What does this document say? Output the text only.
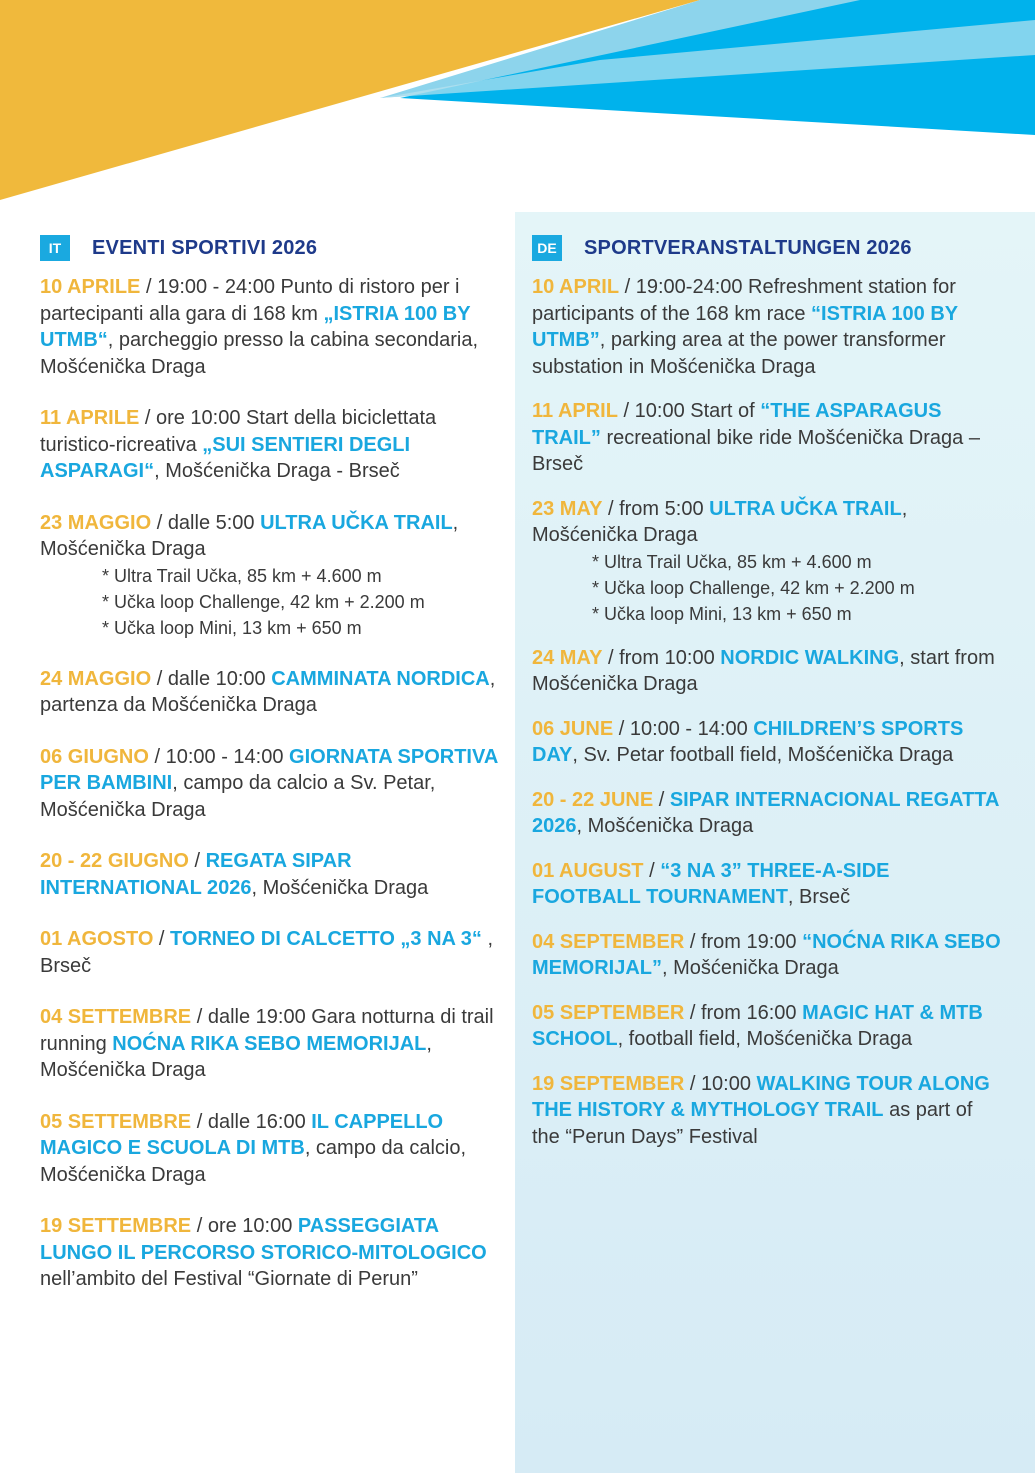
IT	EVENTI SPORTIVI 2026

10 APRILE / 19:00 - 24:00 Punto di ristoro per i partecipanti alla gara di 168 km „ISTRIA 100 BY UTMB“, parcheggio presso la cabina secondaria, Mošćenička Draga

11 APRILE / ore 10:00 Start della biciclettata turistico-ricreativa „SUI SENTIERI DEGLI ASPARAGI“, Mošćenička Draga - Brseč

23 MAGGIO / dalle 5:00 ULTRA UČKA TRAIL, Mošćenička Draga
* Ultra Trail Učka, 85 km + 4.600 m
* Učka loop Challenge, 42 km + 2.200 m
* Učka loop Mini, 13 km + 650 m

24 MAGGIO / dalle 10:00 CAMMINATA NORDICA, partenza da Mošćenička Draga

06 GIUGNO / 10:00 - 14:00 GIORNATA SPORTIVA PER BAMBINI, campo da calcio a Sv. Petar, Mošćenička Draga

20 - 22 GIUGNO / REGATA SIPAR INTERNATIONAL 2026, Mošćenička Draga

01 AGOSTO / TORNEO DI CALCETTO „3 NA 3“ , Brseč

04 SETTEMBRE / dalle 19:00 Gara notturna di trail running NOĆNA RIKA SEBO MEMORIJAL, Mošćenička Draga

05 SETTEMBRE / dalle 16:00 IL CAPPELLO MAGICO E SCUOLA DI MTB, campo da calcio, Mošćenička Draga

19 SETTEMBRE / ore 10:00 PASSEGGIATA LUNGO IL PERCORSO STORICO-MITOLOGICO nell’ambito del Festival “Giornate di Perun”

DE SPORTVERANSTALTUNGEN 2026

10 APRIL / 19:00-24:00 Refreshment station for participants of the 168 km race “ISTRIA 100 BY UTMB”, parking area at the power transformer substation in Mošćenička Draga

11 APRIL / 10:00 Start of “THE ASPARAGUS TRAIL” recreational bike ride Mošćenička Draga – Brseč

23 MAY / from 5:00 ULTRA UČKA TRAIL, Mošćenička Draga
* Ultra Trail Učka, 85 km + 4.600 m
* Učka loop Challenge, 42 km + 2.200 m
* Učka loop Mini, 13 km + 650 m

24 MAY / from 10:00 NORDIC WALKING, start from Mošćenička Draga

06 JUNE / 10:00 - 14:00 CHILDREN’S SPORTS DAY, Sv. Petar football field, Mošćenička Draga

20 - 22 JUNE / SIPAR INTERNACIONAL REGATTA 2026, Mošćenička Draga

01 AUGUST / “3 NA 3” THREE-A-SIDE FOOTBALL TOURNAMENT, Brseč

04 SEPTEMBER / from 19:00 “NOĆNA RIKA SEBO MEMORIJAL”, Mošćenička Draga

05 SEPTEMBER / from 16:00 MAGIC HAT & MTB SCHOOL, football field, Mošćenička Draga

19 SEPTEMBER / 10:00 WALKING TOUR ALONG THE HISTORY & MYTHOLOGY TRAIL as part of the “Perun Days” Festival
